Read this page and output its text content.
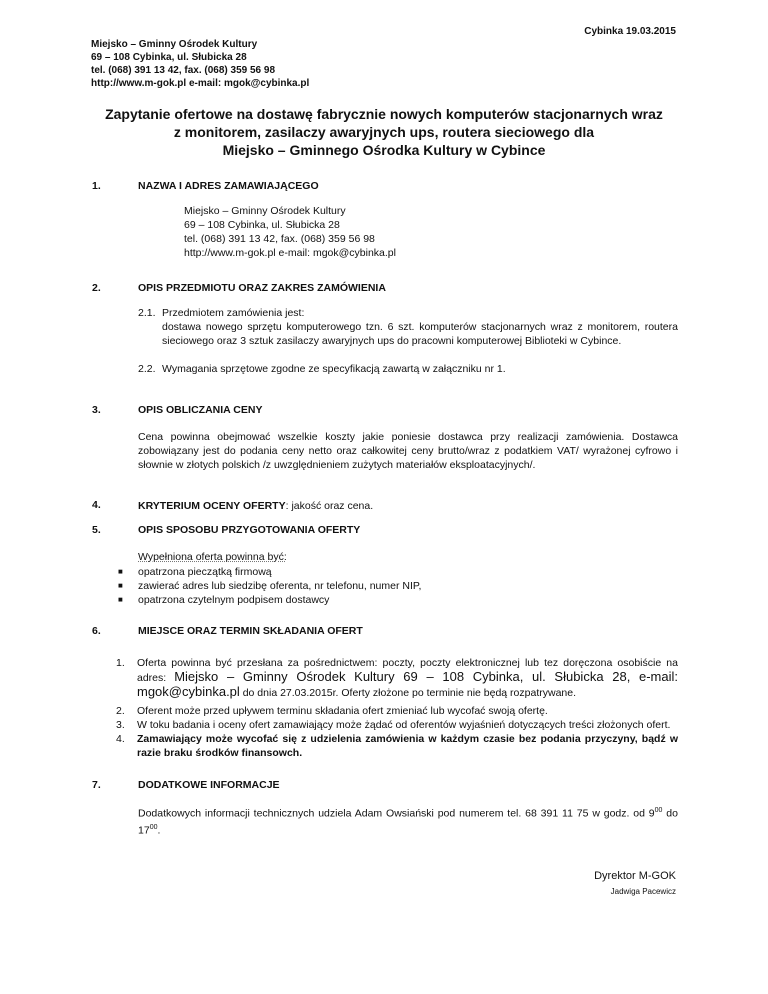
Cybinka 19.03.2015
Miejsko – Gminny Ośrodek Kultury
69 – 108 Cybinka, ul. Słubicka 28
tel. (068) 391 13 42, fax. (068) 359 56 98
http://www.m-gok.pl e-mail: mgok@cybinka.pl
Zapytanie ofertowe na dostawę fabrycznie nowych komputerów stacjonarnych wraz
z monitorem, zasilaczy awaryjnych ups, routera sieciowego dla
Miejsko – Gminnego Ośrodka Kultury w Cybince
1.	NAZWA I ADRES ZAMAWIAJĄCEGO
Miejsko – Gminny Ośrodek Kultury
69 – 108 Cybinka, ul. Słubicka 28
tel. (068) 391 13 42, fax. (068) 359 56 98
http://www.m-gok.pl e-mail: mgok@cybinka.pl
2.	OPIS PRZEDMIOTU ORAZ ZAKRES ZAMÓWIENIA
2.1. Przedmiotem zamówienia jest:
dostawa nowego sprzętu komputerowego tzn. 6 szt. komputerów stacjonarnych wraz z monitorem, routera sieciowego oraz 3 sztuk zasilaczy awaryjnych ups do pracowni komputerowej Biblioteki w Cybince.
2.2. Wymagania sprzętowe zgodne ze specyfikacją zawartą w załączniku nr 1.
3.	OPIS OBLICZANIA CENY
Cena powinna obejmować wszelkie koszty jakie poniesie dostawca przy realizacji zamówienia. Dostawca zobowiązany jest do podania ceny netto oraz całkowitej ceny brutto/wraz z podatkiem VAT/ wyrażonej cyfrowo i słownie w złotych polskich /z uwzględnieniem zużytych materiałów eksploatacyjnych/.
4.	KRYTERIUM OCENY OFERTY: jakość oraz cena.
5.	OPIS SPOSOBU PRZYGOTOWANIA OFERTY
Wypełniona oferta powinna być:
■	opatrzona pieczątką firmową
■	zawierać adres lub siedzibę oferenta, nr telefonu, numer NIP,
■	opatrzona czytelnym podpisem dostawcy
6.	MIEJSCE ORAZ TERMIN SKŁADANIA OFERT
1.	Oferta powinna być przesłana za pośrednictwem: poczty, poczty elektronicznej lub tez doręczona osobiście na adres: Miejsko – Gminny Ośrodek Kultury 69 – 108 Cybinka, ul. Słubicka 28, e-mail: mgok@cybinka.pl do dnia 27.03.2015r. Oferty złożone po terminie nie będą rozpatrywane.
2.	Oferent może przed upływem terminu składania ofert zmieniać lub wycofać swoją ofertę.
3.	W toku badania i oceny ofert zamawiający może żądać od oferentów wyjaśnień dotyczących treści złożonych ofert.
4.	Zamawiający może wycofać się z udzielenia zamówienia w każdym czasie bez podania przyczyny, bądź w razie braku środków finansowch.
7.	DODATKOWE INFORMACJE
Dodatkowych informacji technicznych udziela Adam Owsiański pod numerem tel. 68 391 11 75 w godz. od $9^{00}$ do $17^{00}$.
Dyrektor M-GOK
Jadwiga Pacewicz
